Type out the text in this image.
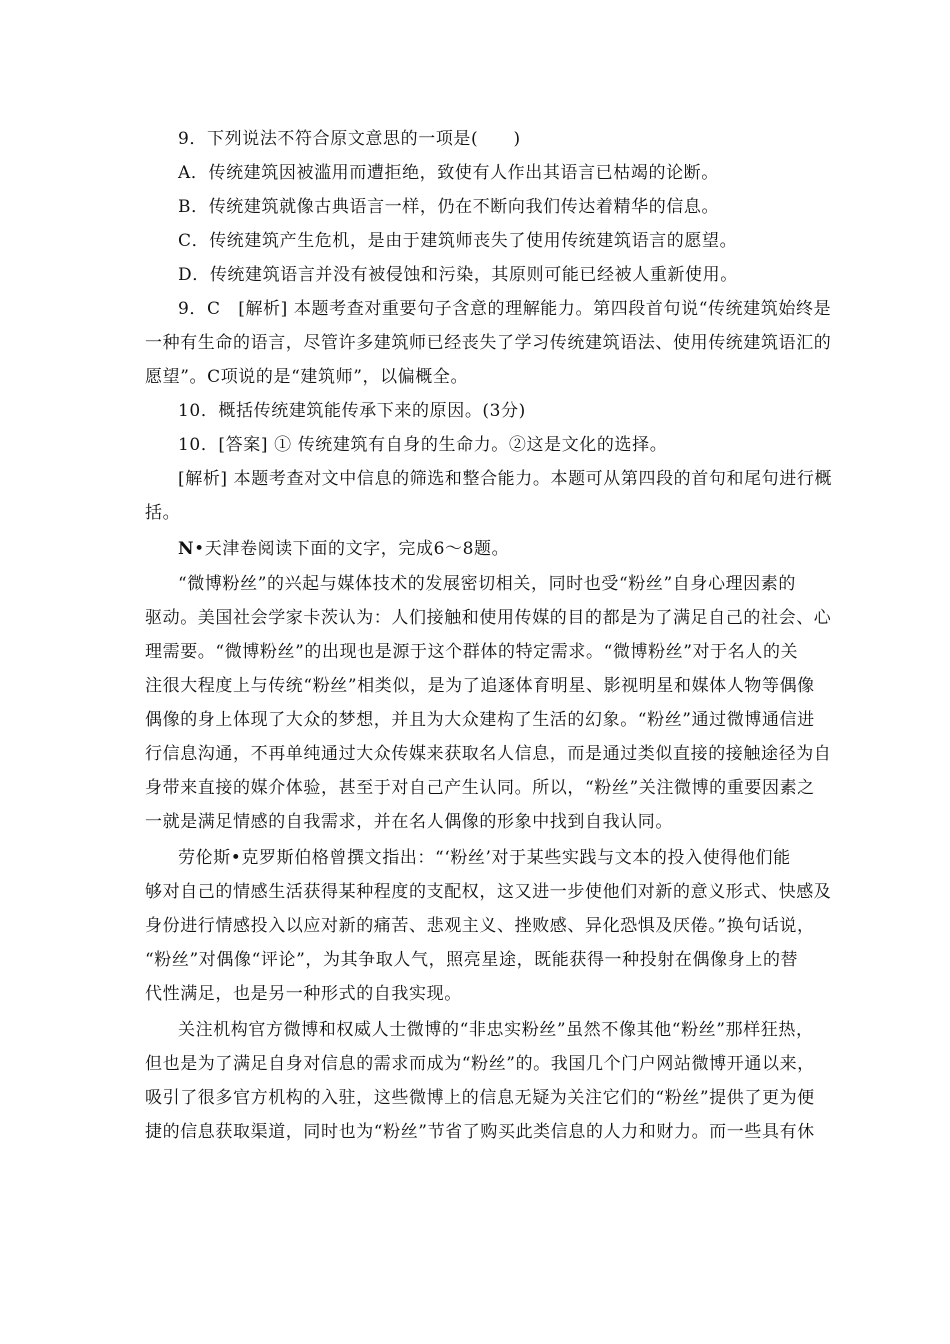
9．下列说法不符合原文意思的一项是(　　)
A．传统建筑因被滥用而遭拒绝，致使有人作出其语言已枯竭的论断。
B．传统建筑就像古典语言一样，仍在不断向我们传达着精华的信息。
C．传统建筑产生危机，是由于建筑师丧失了使用传统建筑语言的愿望。
D．传统建筑语言并没有被侵蚀和污染，其原则可能已经被人重新使用。
9．C　[解析] 本题考查对重要句子含意的理解能力。第四段首句说“传统建筑始终是
一种有生命的语言，尽管许多建筑师已经丧失了学习传统建筑语法、使用传统建筑语汇的
愿望”。C项说的是“建筑师”，以偏概全。
10．概括传统建筑能传承下来的原因。(3分)
10．[答案] ① 传统建筑有自身的生命力。②这是文化的选择。
[解析] 本题考查对文中信息的筛选和整合能力。本题可从第四段的首句和尾句进行概
括。
N•天津卷阅读下面的文字，完成6～8题。
“微博粉丝”的兴起与媒体技术的发展密切相关，同时也受“粉丝”自身心理因素的
驱动。美国社会学家卡茨认为：人们接触和使用传媒的目的都是为了满足自己的社会、心
理需要。“微博粉丝”的出现也是源于这个群体的特定需求。“微博粉丝”对于名人的关
注很大程度上与传统“粉丝”相类似，是为了追逐体育明星、影视明星和媒体人物等偶像
偶像的身上体现了大众的梦想，并且为大众建构了生活的幻象。“粉丝”通过微博通信进
行信息沟通，不再单纯通过大众传媒来获取名人信息，而是通过类似直接的接触途径为自
身带来直接的媒介体验，甚至于对自己产生认同。所以，“粉丝”关注微博的重要因素之
一就是满足情感的自我需求，并在名人偶像的形象中找到自我认同。
劳伦斯•克罗斯伯格曾撰文指出：“‘粉丝’对于某些实践与文本的投入使得他们能
够对自己的情感生活获得某种程度的支配权，这又进一步使他们对新的意义形式、快感及
身份进行情感投入以应对新的痛苦、悲观主义、挫败感、异化恐惧及厌倦。”换句话说，
“粉丝”对偶像“评论”，为其争取人气，照亮星途，既能获得一种投射在偶像身上的替
代性满足，也是另一种形式的自我实现。
关注机构官方微博和权威人士微博的“非忠实粉丝”虽然不像其他“粉丝”那样狂热，
但也是为了满足自身对信息的需求而成为“粉丝”的。我国几个门户网站微博开通以来，
吸引了很多官方机构的入驻，这些微博上的信息无疑为关注它们的“粉丝”提供了更为便
捷的信息获取渠道，同时也为“粉丝”节省了购买此类信息的人力和财力。而一些具有休
